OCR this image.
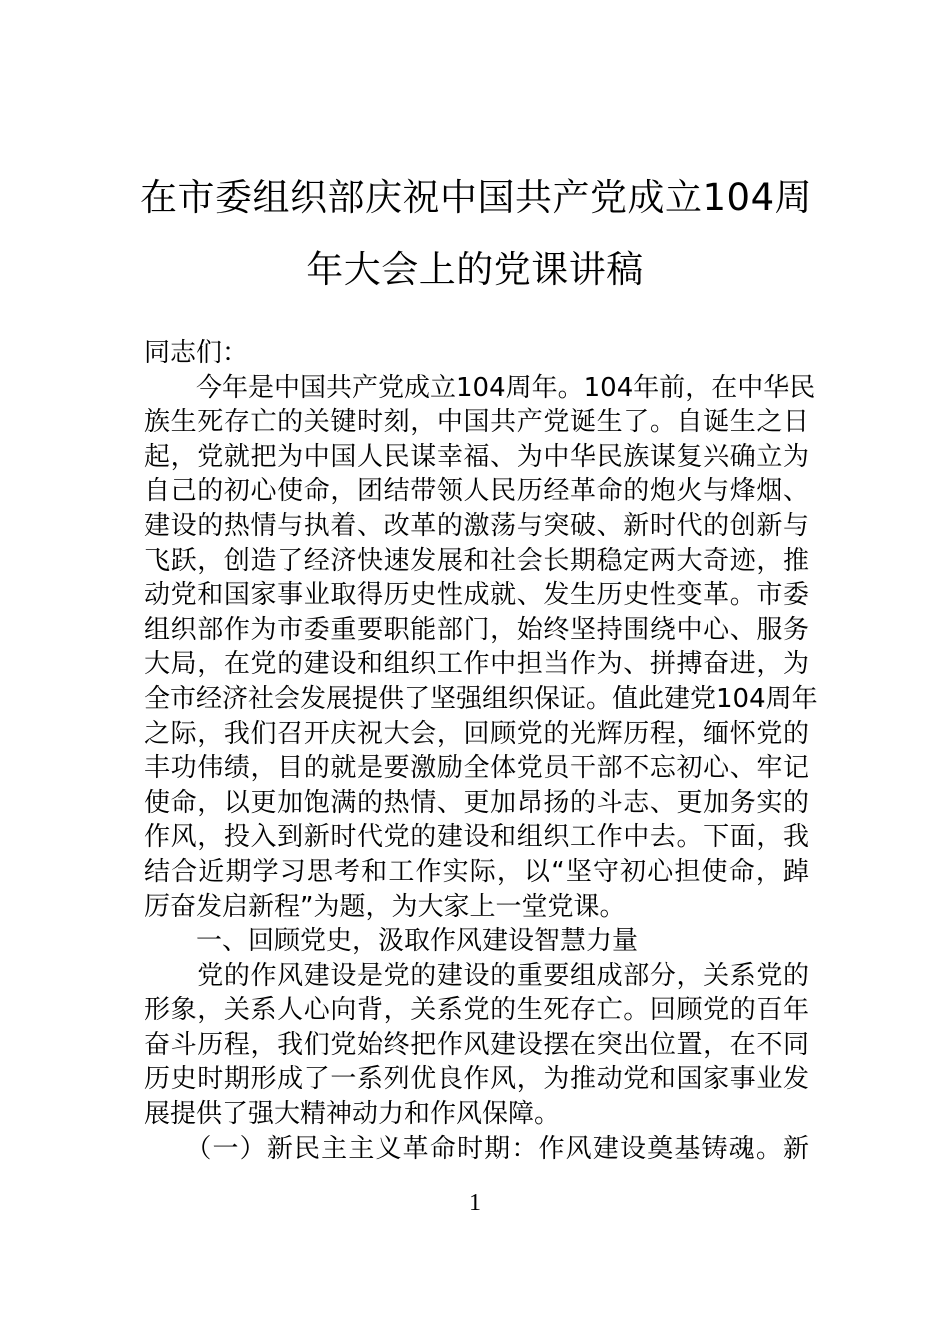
在市委组织部庆祝中国共产党成立104周
年大会上的党课讲稿
同志们：
　　今年是中国共产党成立104周年。104年前，在中华民
族生死存亡的关键时刻，中国共产党诞生了。自诞生之日
起，党就把为中国人民谋幸福、为中华民族谋复兴确立为
自己的初心使命，团结带领人民历经革命的炮火与烽烟、
建设的热情与执着、改革的激荡与突破、新时代的创新与
飞跃，创造了经济快速发展和社会长期稳定两大奇迹，推
动党和国家事业取得历史性成就、发生历史性变革。市委
组织部作为市委重要职能部门，始终坚持围绕中心、服务
大局，在党的建设和组织工作中担当作为、拼搏奋进，为
全市经济社会发展提供了坚强组织保证。值此建党104周年
之际，我们召开庆祝大会，回顾党的光辉历程，缅怀党的
丰功伟绩，目的就是要激励全体党员干部不忘初心、牢记
使命，以更加饱满的热情、更加昂扬的斗志、更加务实的
作风，投入到新时代党的建设和组织工作中去。下面，我
结合近期学习思考和工作实际，以“坚守初心担使命，踔
厉奋发启新程”为题，为大家上一堂党课。
　　一、回顾党史，汲取作风建设智慧力量
　　党的作风建设是党的建设的重要组成部分，关系党的
形象，关系人心向背，关系党的生死存亡。回顾党的百年
奋斗历程，我们党始终把作风建设摆在突出位置，在不同
历史时期形成了一系列优良作风，为推动党和国家事业发
展提供了强大精神动力和作风保障。
　　（一）新民主主义革命时期：作风建设奠基铸魂。新
1
